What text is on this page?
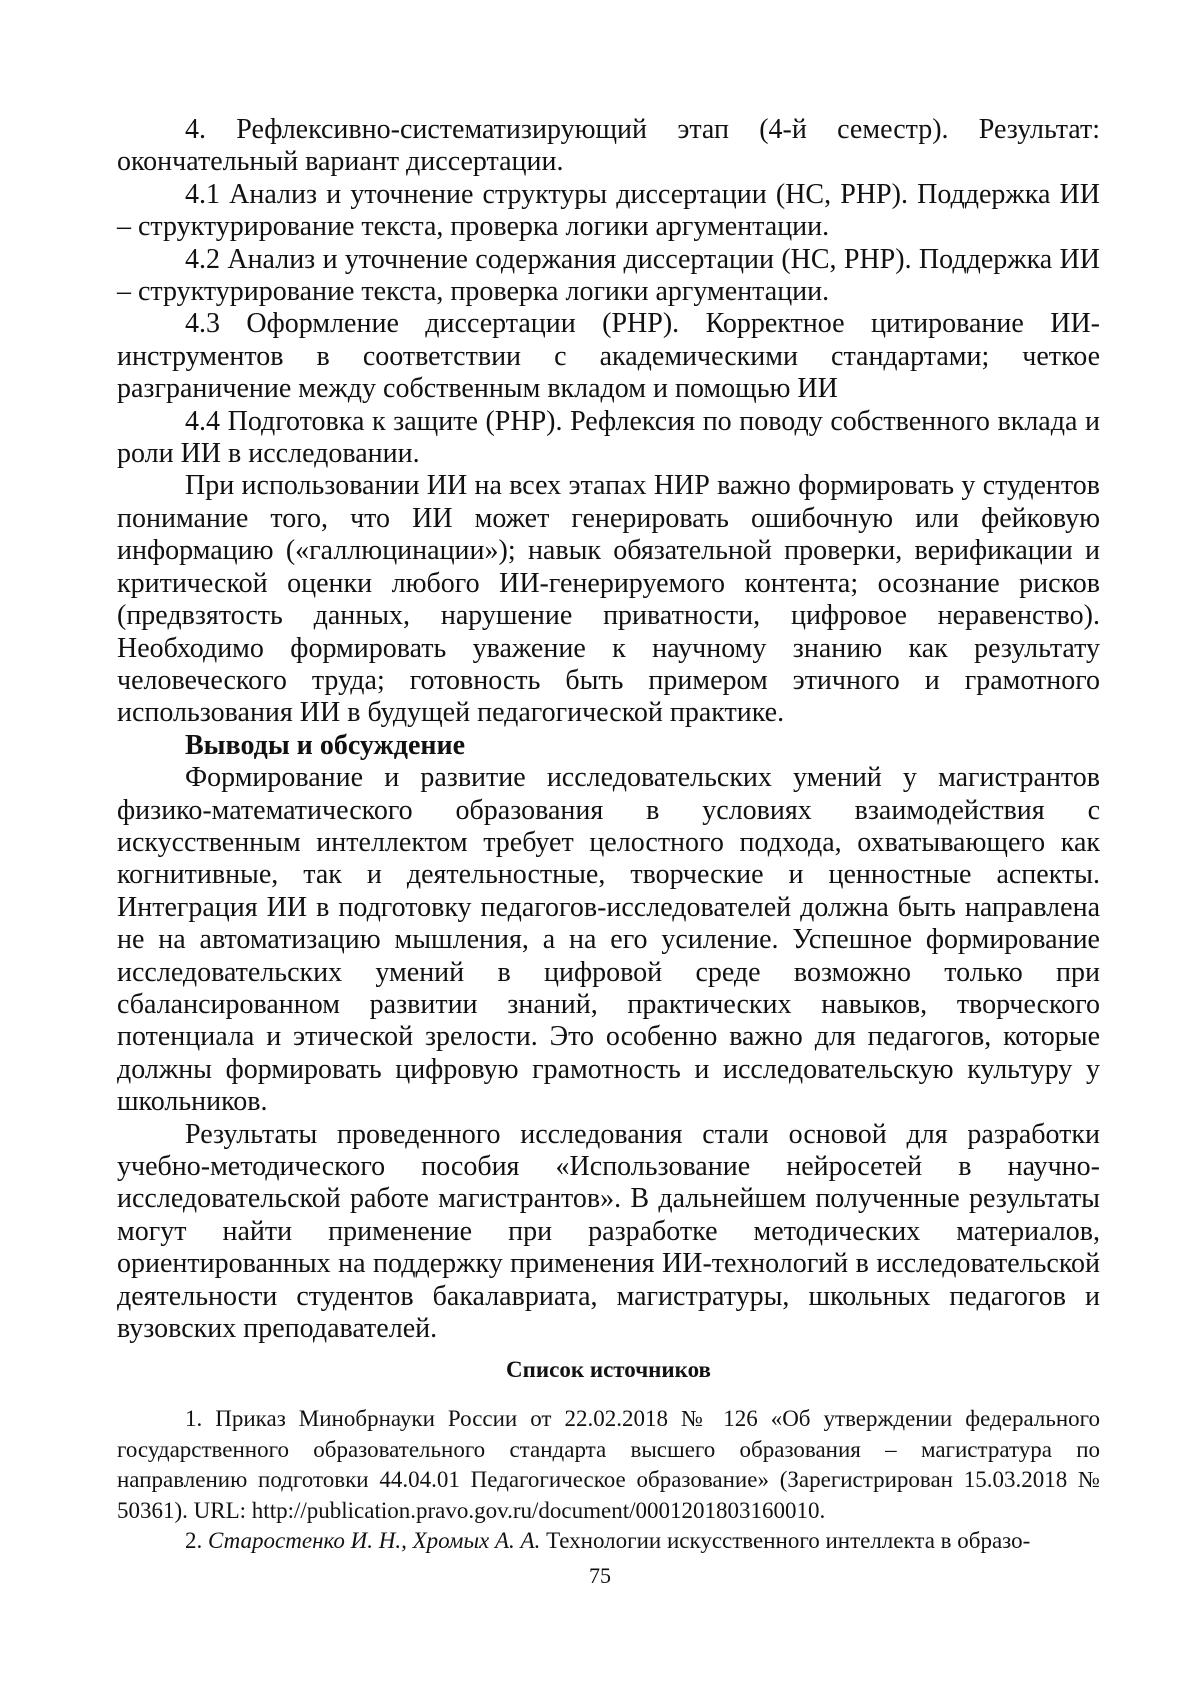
4. Рефлексивно-систематизирующий этап (4-й семестр). Результат: окончательный вариант диссертации.

4.1 Анализ и уточнение структуры диссертации (НС, РНР). Поддержка ИИ – структурирование текста, проверка логики аргументации.

4.2 Анализ и уточнение содержания диссертации (НС, РНР). Поддержка ИИ – структурирование текста, проверка логики аргументации.

4.3 Оформление диссертации (РНР). Корректное цитирование ИИ-инструментов в соответствии с академическими стандартами; четкое разграничение между собственным вкладом и помощью ИИ

4.4 Подготовка к защите (РНР). Рефлексия по поводу собственного вклада и роли ИИ в исследовании.

При использовании ИИ на всех этапах НИР важно формировать у студентов понимание того, что ИИ может генерировать ошибочную или фейковую информацию («галлюцинации»); навык обязательной проверки, верификации и критической оценки любого ИИ-генерируемого контента; осознание рисков (предвзятость данных, нарушение приватности, цифровое неравенство). Необходимо формировать уважение к научному знанию как результату человеческого труда; готовность быть примером этичного и грамотного использования ИИ в будущей педагогической практике.

Выводы и обсуждение

Формирование и развитие исследовательских умений у магистрантов физико-математического образования в условиях взаимодействия с искусственным интеллектом требует целостного подхода, охватывающего как когнитивные, так и деятельностные, творческие и ценностные аспекты. Интеграция ИИ в подготовку педагогов-исследователей должна быть направлена не на автоматизацию мышления, а на его усиление. Успешное формирование исследовательских умений в цифровой среде возможно только при сбалансированном развитии знаний, практических навыков, творческого потенциала и этической зрелости. Это особенно важно для педагогов, которые должны формировать цифровую грамотность и исследовательскую культуру у школьников.

Результаты проведенного исследования стали основой для разработки учебно-методического пособия «Использование нейросетей в научно-исследовательской работе магистрантов». В дальнейшем полученные результаты могут найти применение при разработке методических материалов, ориентированных на поддержку применения ИИ-технологий в исследовательской деятельности студентов бакалавриата, магистратуры, школьных педагогов и вузовских преподавателей.

Список источников

1. Приказ Минобрнауки России от 22.02.2018 № 126 «Об утверждении федерального государственного образовательного стандарта высшего образования – магистратура по направлению подготовки 44.04.01 Педагогическое образование» (Зарегистрирован 15.03.2018 № 50361). URL: http://publication.pravo.gov.ru/document/0001201803160010.

2. Старостенко И. Н., Хромых А. А. Технологии искусственного интеллекта в образо-

75
